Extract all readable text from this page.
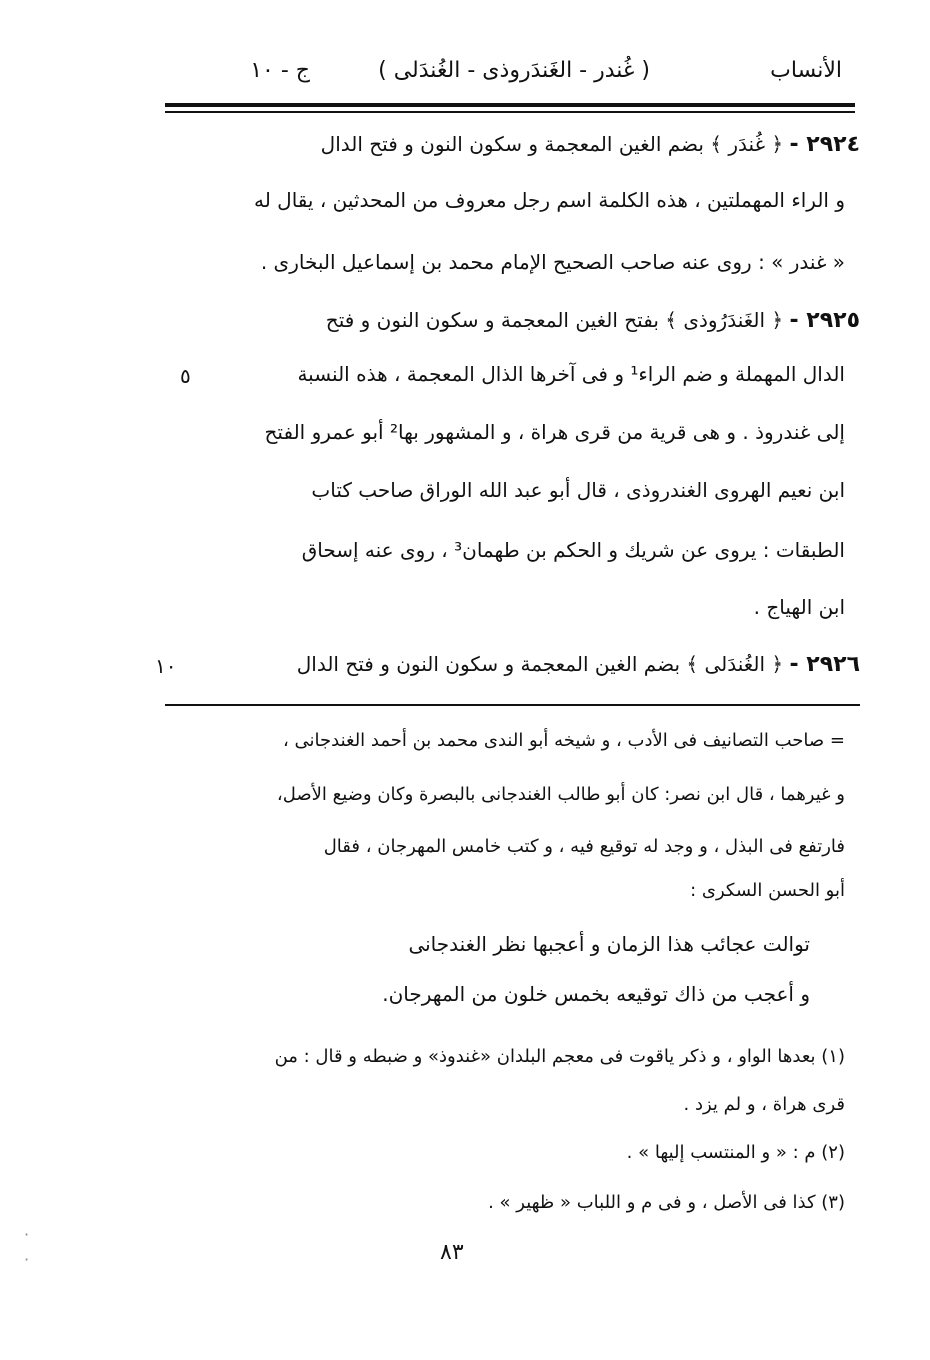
الأنساب
( غُندر - الغَندَروذى - الغُندَلى )
ج - ١٠
٢٩٢٤ - ﴿ غُندَر ﴾ بضم الغين المعجمة و سكون النون و فتح الدال
و الراء المهملتين ، هذه الكلمة اسم رجل معروف من المحدثين ، يقال له
« غندر » : روى عنه صاحب الصحيح الإمام محمد بن إسماعيل البخارى .
٢٩٢٥ - ﴿ الغَندَرُوذى ﴾ بفتح الغين المعجمة و سكون النون و فتح
الدال المهملة و ضم الراء¹ و فى آخرها الذال المعجمة ، هذه النسبة
٥
إلى غندروذ . و هى قرية من قرى هراة ، و المشهور بها² أبو عمرو الفتح
ابن نعيم الهروى الغندروذى ، قال أبو عبد الله الوراق صاحب كتاب
الطبقات : يروى عن شريك و الحكم بن طهمان³ ، روى عنه إسحاق
ابن الهياج .
٢٩٢٦ - ﴿ الغُندَلى ﴾ بضم الغين المعجمة و سكون النون و فتح الدال
١٠
= صاحب التصانيف فى الأدب ، و شيخه أبو الندى محمد بن أحمد الغندجانى ،
و غيرهما ، قال ابن نصر: كان أبو طالب الغندجانى بالبصرة وكان وضيع الأصل،
فارتفع فى البذل ، و وجد له توقيع فيه ، و كتب خامس المهرجان ، فقال
أبو الحسن السكرى :
توالت عجائب هذا الزمان و أعجبها نظر الغندجانى
و أعجب من ذاك توقيعه بخمس خلون من المهرجان.
(١) بعدها الواو ، و ذكر ياقوت فى معجم البلدان «غندوذ» و ضبطه و قال : من
قرى هراة ، و لم يزد .
(٢) م : « و المنتسب إليها » .
(٣) كذا فى الأصل ، و فى م و اللباب « ظهير » .
٨٣
·
·
